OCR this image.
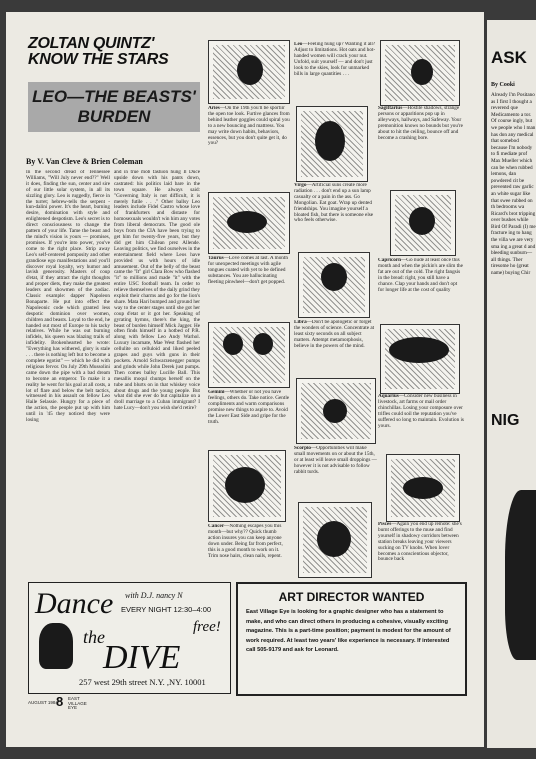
ZOLTAN QUINTZ' KNOW THE STARS
LEO—THE BEASTS' BURDEN
By V. Van Cleve & Brien Coleman
In the second dread of Tennessee Williams, "Will July never end??" Well it does, finding the sun, center and sire of our little solar system, in all its sizzling glory. Leo is ruggedly, fierce in the turret; hebrew-tells the serpent - kun-dalini power. It's the heart, burning desire, domination with style and enlightened despotism. Leo's secret is to direct consciousness to change the pattern of your life. Tame the beast and the mind's vision is yours — promises, promises. If you're into power, you've come to the right place. Strip away Leo's self-centered pomposity and other grandiose ego manifestations and you'll discover royal loyalty, wry humor and lavish generosity. Masters of coup d'etat, if they attract the right thoughts and proper diets, they make the greatest leaders and showmen of the zodiac. Classic example: dapper Napoleon Bonaparte. He put into effect the Napoleonic code which granted less despotic dominion over women, children and beasts. Loyal to the end, he handed out most of Europe to his tacky relatives. While he was out burning infidels, his queen was blazing trails of infidelity. Brokenhearted he wrote: "Everything has withered, glory is stale . . . there is nothing left but to become a complete egotist" — which he did with religious fervor. On July 29th Mussolini came down the pipe with a bad dream to become an emperor. To make it a reality he went for his goal at all costs, a lot of flare and below the belt tactics, witnessed in his assault on fellow Leo Haile Selassie. Hungry for a piece of the action, the people put up with him until in '45 they noticed they were losing
and in true mob fashion hung Il Duce upside down with his pants down, castrated: his politics laid bare in the town square. He always said: "Governing Italy is not difficult, it is merely futile . . ." Other ballsy Leo leaders include Fidel Castro whose love of frankfurters and distaste for homosexuals wouldn't win him any votes from liberal democrats. The good ole boys from the CIA have been trying to get him for twenty-five years, but they did get him Chilean prez Allende. Leaving politics, we find ourselves in the entertainment field where Leos have provided us with hours of idle amusement. Out of the belly of the beast came the "It" girl Clara Bow who flashed "it" to millions and made "it" with the entire USC football team. In order to relieve themselves of the daily grind they exploit their charms and go for the lion's share. Mata Hari bumped and ground her way to the center stages until she got her coup d'etat or it got her. Speaking of gyrating hymns, there's the king, the beast of burden himself Mick Jagger. He often finds himself in a hotbed of P.R. along with fellow Leo Andy Warhol. Luxury incarnate, Mae West flashed her cellulite on celluloid and liked peeled grapes and guys with guns in their pockets. Arnold Schwarzenegger pumps and grinds while John Derek just pumps. Then comes ballsy Lucille Ball. This mesallis moqul chumps herself on the tube and blurts on in that whiskey voice about drugs and the young people. But what did she ever do but capitalize on a droll marriage to a Cuban immigrant? I hate Lucy—don't you wish she'd retire?
Aries—On the 19th you'll be sportin' the open toe look. Furtive glances from behind leather goggles could spiral you to a new bouncing and mattress. You may write down habits, behaviors, essences, but you don't quite get it, do you?
Taurus—Love comes at last. A month for unexpected meetings with agile tongues coated with yet to be defined substances. You are hallucinating fleeting pinwheel—don't get popped.
Gemini—Whether or not you have feelings, others do. Take notice. Gentle compliments and warm comparisons promise new things to aspire to. Avoid the Lower East Side and gripe for the truth.
Cancer—Nothing escapes you this month—but why?? Quick thumb action insures you can keep anyone down under. Being far from perfect, this is a good month to work on it. Trim nose hairs, clean nails, repent.
Leo—Feeling hung up? Wanting it all? Adjust to limitations. Hot oats and hot-handed women will crack your nut. Unfold, suit yourself — and don't just look to the skies, look for unmarked bills in large quantities . . .
Virgo—Artificial suns create more radiation . . . don't end up a sun lamp casualty or a pain in the ass. Go Mongolian. Eat goat. Wrap up dented friendships. You imagine yourself a bloated fish, but there is someone else who feels otherwise.
Libra—Don't be apologetic or forget the wonders of science. Concentrate at least sixty seconds on all subject matters. Attempt metamorphosis, believe in the powers of the mind.
Scorpio—Opportunities will make small movements on or about the 15th, or at least will leave small droppings — however it is not advisable to follow rabbit turds.
Sagittarius—Hostile shadows, strange persons or apparitions pop up in alleyways, hallways, and Safeway. Your premonition knows no bounds but you're about to hit the ceiling, bounce off and become a crashing bore.
Capricorn—Go nude at least once this month and when the pickin's are slim the fat are out of the cold. The right fangsis in the bread: right, you still have a chance. Clap your hands and don't opt for longer life at the cost of quality
Aquarius—Consider new business in livestock, art farms or mail order chinchillas. Losing your composure over trifles could soil the reputation you've suffered so long to maintain. Evolution is yours.
Pisces—Again you end up remote: she's burnt offerings to the muse and find yourself in shadowy corridors between station breaks leaving your viewers sucking on TV knobs. When lover becomes a conscientious objector, bounce back
Dance with D.J. nancy N
EVERY NIGHT 12:30–4:00
the	free!
DIVE
257 west 29th street N.Y. ,NY. 10001
ART DIRECTOR WANTED
East Village Eye is looking for a graphic designer who has a statement to make, and who can direct others in producing a cohesive, visually exciting magazine. This is a part-time position; payment is modest for the amount of work required. At least two years' like experience is necessary. If interested call 505-9179 and ask for Leonard.
AUGUST 1984
8 EAST VILLAGE EYE
ASK
By Cooki
Already I'm Positano as I first I thought a reverend que Medicamento a tor. Of course ingly, but we people who l man has don any medical that somebod because I'm nobody to fi mediate prof Max Mueller which can be when rubbed lemons, dan powdered cit be prevented raw garlic an white sugar like that swee rubbed on th bedrooms wa Ricard's brot tripping over bushes while Bird Of Paradi (I) me fracture ing to hang the villa we are very sma ing a great d and bleeding sunburn—all things. Ther tiresome ho (great name) buying Chir
NIG
